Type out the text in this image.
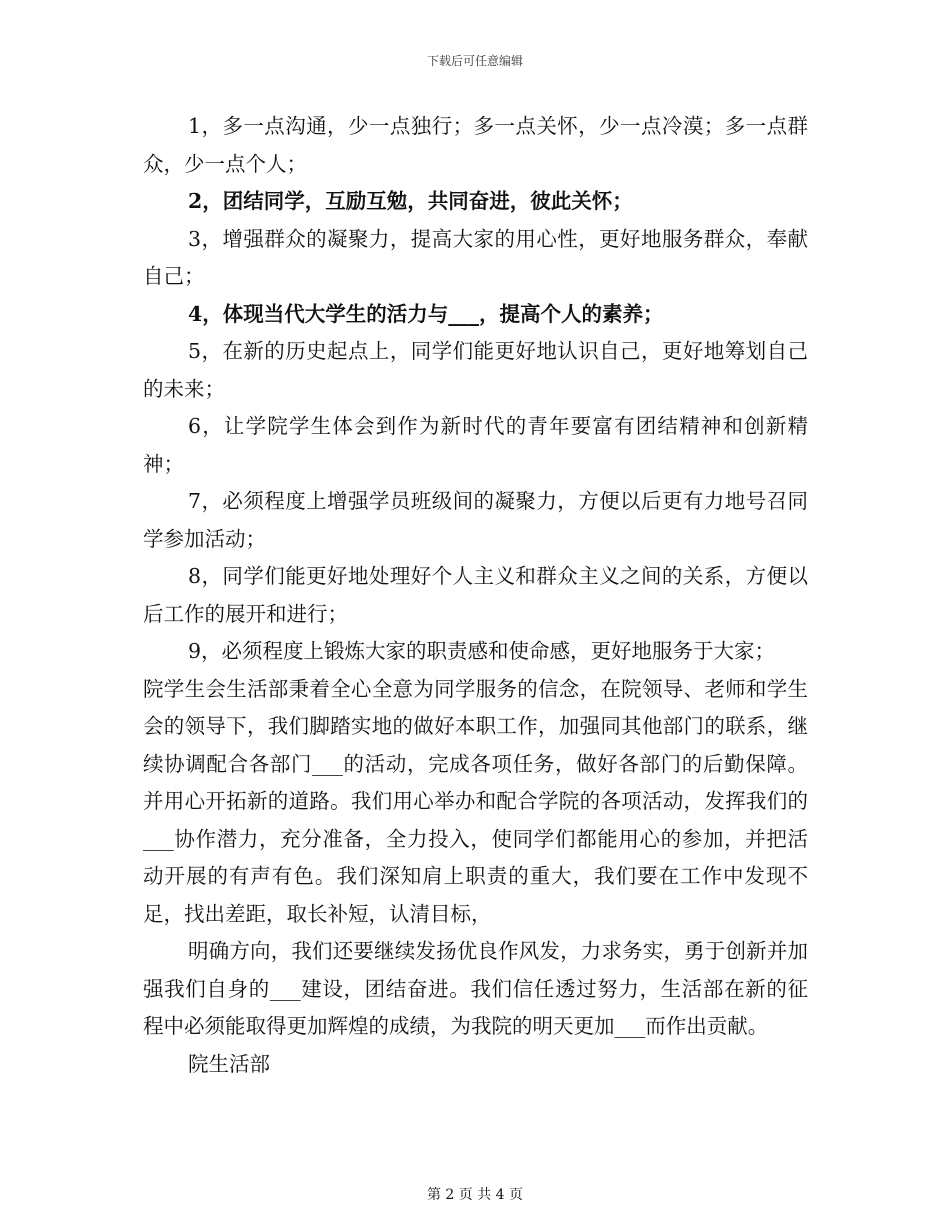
下载后可任意编辑

1，多一点沟通，少一点独行；多一点关怀，少一点冷漠；多一点群众，少一点个人；

2，团结同学，互励互勉，共同奋进，彼此关怀；

3，增强群众的凝聚力，提高大家的用心性，更好地服务群众，奉献自己；

4，体现当代大学生的活力与___，提高个人的素养；

5，在新的历史起点上，同学们能更好地认识自己，更好地筹划自己的未来；

6，让学院学生体会到作为新时代的青年要富有团结精神和创新精神；

7，必须程度上增强学员班级间的凝聚力，方便以后更有力地号召同学参加活动；

8，同学们能更好地处理好个人主义和群众主义之间的关系，方便以后工作的展开和进行；

9，必须程度上锻炼大家的职责感和使命感，更好地服务于大家；

院学生会生活部秉着全心全意为同学服务的信念，在院领导、老师和学生会的领导下，我们脚踏实地的做好本职工作，加强同其他部门的联系，继续协调配合各部门___的活动，完成各项任务，做好各部门的后勤保障。并用心开拓新的道路。我们用心举办和配合学院的各项活动，发挥我们的___协作潜力，充分准备，全力投入，使同学们都能用心的参加，并把活动开展的有声有色。我们深知肩上职责的重大，我们要在工作中发现不足，找出差距，取长补短，认清目标，

明确方向，我们还要继续发扬优良作风发，力求务实，勇于创新并加强我们自身的___建设，团结奋进。我们信任透过努力，生活部在新的征程中必须能取得更加辉煌的成绩，为我院的明天更加___而作出贡献。

院生活部

第 2 页 共 4 页
